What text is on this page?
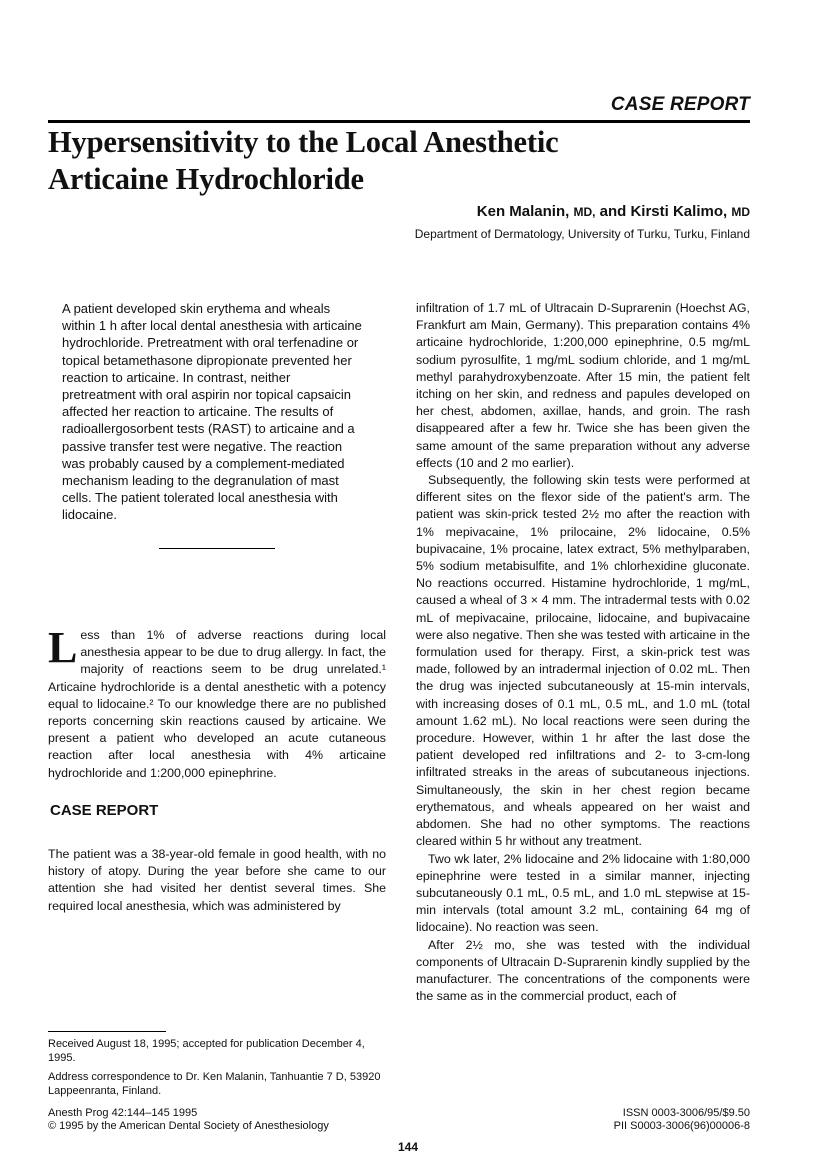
CASE REPORT
Hypersensitivity to the Local Anesthetic
Articaine Hydrochloride
Ken Malanin, MD, and Kirsti Kalimo, MD
Department of Dermatology, University of Turku, Turku, Finland

A patient developed skin erythema and wheals within 1 h after local dental anesthesia with articaine hydrochloride. Pretreatment with oral terfenadine or topical betamethasone dipropionate prevented her reaction to articaine. In contrast, neither pretreatment with oral aspirin nor topical capsaicin affected her reaction to articaine. The results of radioallergosorbent tests (RAST) to articaine and a passive transfer test were negative. The reaction was probably caused by a complement-mediated mechanism leading to the degranulation of mast cells. The patient tolerated local anesthesia with lidocaine.

Less than 1% of adverse reactions during local anesthesia appear to be due to drug allergy. In fact, the majority of reactions seem to be drug unrelated.¹ Articaine hydrochloride is a dental anesthetic with a potency equal to lidocaine.² To our knowledge there are no published reports concerning skin reactions caused by articaine. We present a patient who developed an acute cutaneous reaction after local anesthesia with 4% articaine hydrochloride and 1:200,000 epinephrine.

CASE REPORT

The patient was a 38-year-old female in good health, with no history of atopy. During the year before she came to our attention she had visited her dentist several times. She required local anesthesia, which was administered by

Received August 18, 1995; accepted for publication December 4, 1995.

Address correspondence to Dr. Ken Malanin, Tanhuantie 7 D, 53920 Lappeenranta, Finland.

Anesth Prog 42:144–145 1995
© 1995 by the American Dental Society of Anesthesiology
ISSN 0003-3006/95/$9.50
PII S0003-3006(96)00006-8

infiltration of 1.7 mL of Ultracain D-Suprarenin (Hoechst AG, Frankfurt am Main, Germany). This preparation contains 4% articaine hydrochloride, 1:200,000 epinephrine, 0.5 mg/mL sodium pyrosulfite, 1 mg/mL sodium chloride, and 1 mg/mL methyl parahydroxybenzoate. After 15 min, the patient felt itching on her skin, and redness and papules developed on her chest, abdomen, axillae, hands, and groin. The rash disappeared after a few hr. Twice she has been given the same amount of the same preparation without any adverse effects (10 and 2 mo earlier).

Subsequently, the following skin tests were performed at different sites on the flexor side of the patient's arm. The patient was skin-prick tested 2½ mo after the reaction with 1% mepivacaine, 1% prilocaine, 2% lidocaine, 0.5% bupivacaine, 1% procaine, latex extract, 5% methylparaben, 5% sodium metabisulfite, and 1% chlorhexidine gluconate. No reactions occurred. Histamine hydrochloride, 1 mg/mL, caused a wheal of 3 × 4 mm. The intradermal tests with 0.02 mL of mepivacaine, prilocaine, lidocaine, and bupivacaine were also negative. Then she was tested with articaine in the formulation used for therapy. First, a skin-prick test was made, followed by an intradermal injection of 0.02 mL. Then the drug was injected subcutaneously at 15-min intervals, with increasing doses of 0.1 mL, 0.5 mL, and 1.0 mL (total amount 1.62 mL). No local reactions were seen during the procedure. However, within 1 hr after the last dose the patient developed red infiltrations and 2- to 3-cm-long infiltrated streaks in the areas of subcutaneous injections. Simultaneously, the skin in her chest region became erythematous, and wheals appeared on her waist and abdomen. She had no other symptoms. The reactions cleared within 5 hr without any treatment.

Two wk later, 2% lidocaine and 2% lidocaine with 1:80,000 epinephrine were tested in a similar manner, injecting subcutaneously 0.1 mL, 0.5 mL, and 1.0 mL stepwise at 15-min intervals (total amount 3.2 mL, containing 64 mg of lidocaine). No reaction was seen.

After 2½ mo, she was tested with the individual components of Ultracain D-Suprarenin kindly supplied by the manufacturer. The concentrations of the components were the same as in the commercial product, each of

144
